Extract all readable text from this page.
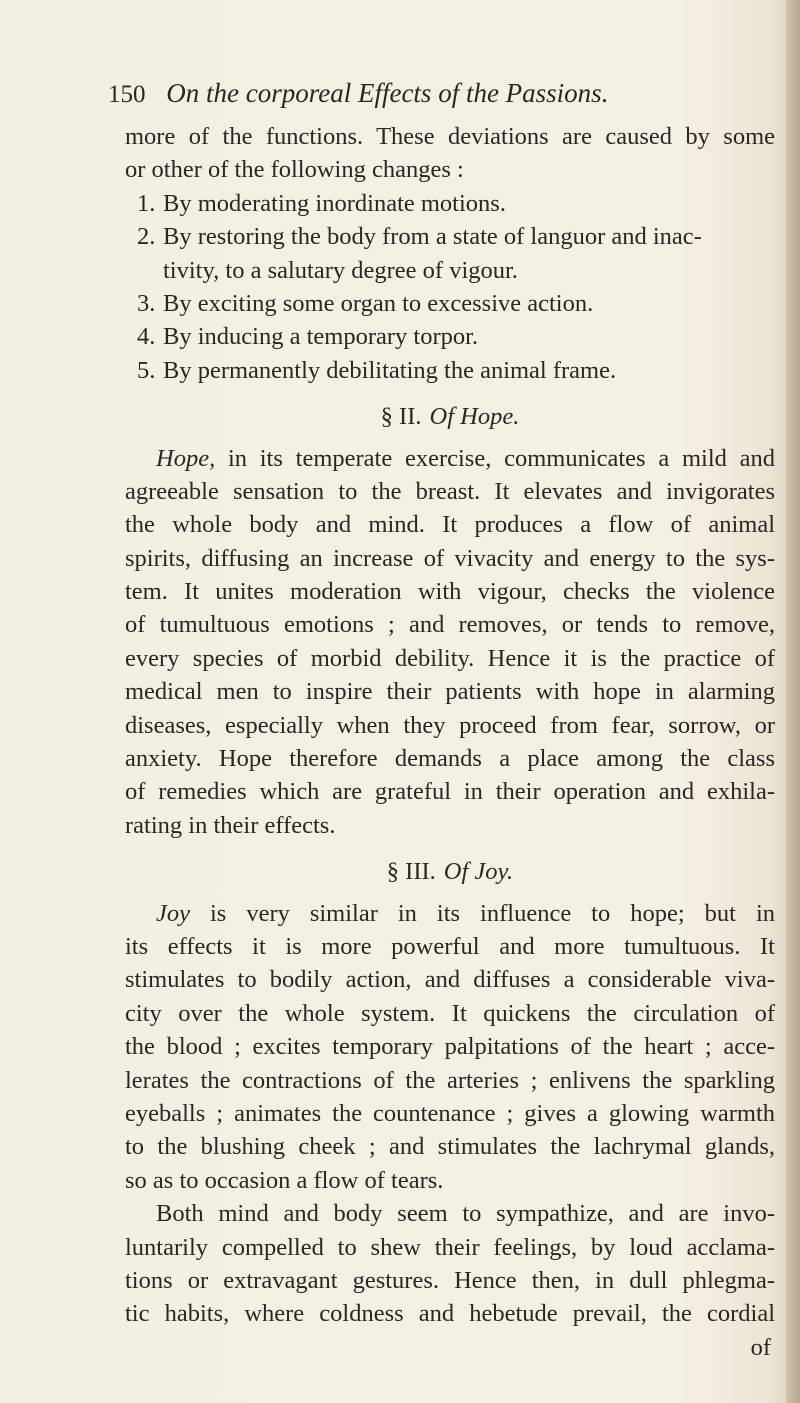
150 On the corporeal Effects of the Passions.
more of the functions. These deviations are caused by some
or other of the following changes :
1. By moderating inordinate motions.
2. By restoring the body from a state of languor and inac-
tivity, to a salutary degree of vigour.
3. By exciting some organ to excessive action.
4. By inducing a temporary torpor.
5. By permanently debilitating the animal frame.
§ II. Of Hope.
Hope, in its temperate exercise, communicates a mild and
agreeable sensation to the breast. It elevates and invigorates
the whole body and mind. It produces a flow of animal
spirits, diffusing an increase of vivacity and energy to the sys-
tem. It unites moderation with vigour, checks the violence
of tumultuous emotions ; and removes, or tends to remove,
every species of morbid debility. Hence it is the practice of
medical men to inspire their patients with hope in alarming
diseases, especially when they proceed from fear, sorrow, or
anxiety. Hope therefore demands a place among the class
of remedies which are grateful in their operation and exhila-
rating in their effects.
§ III. Of Joy.
Joy is very similar in its influence to hope; but in
its effects it is more powerful and more tumultuous. It
stimulates to bodily action, and diffuses a considerable viva-
city over the whole system. It quickens the circulation of
the blood ; excites temporary palpitations of the heart ; acce-
lerates the contractions of the arteries ; enlivens the sparkling
eyeballs ; animates the countenance ; gives a glowing warmth
to the blushing cheek ; and stimulates the lachrymal glands,
so as to occasion a flow of tears.
Both mind and body seem to sympathize, and are invo-
luntarily compelled to shew their feelings, by loud acclama-
tions or extravagant gestures. Hence then, in dull phlegma-
tic habits, where coldness and hebetude prevail, the cordial
of
